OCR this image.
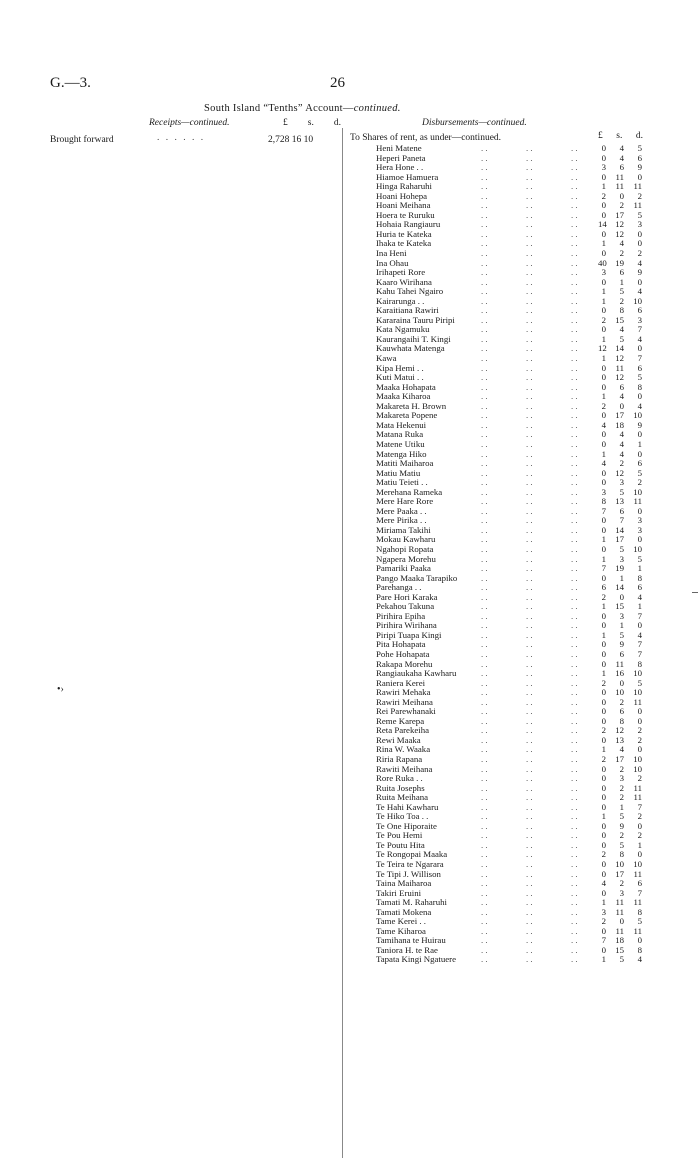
G.—3.	26
South Island “Tenths” Account—continued.
Receipts—continued.	£ s. d.	Disbursements—continued.
Brought forward	. . . . . .	2,728 16 10	To Shares of rent, as under—continued.	£ s. d.
Heni Matene	. .	. .	. .	0	4	5
Heperi Paneta	. .	. .	. .	0	4	6
Hera Hone . .	. .	. .	. .	3	6	9
Hiamoe Hamuera	. .	. .	. .	0	11	0
Hinga Raharuhi	. .	. .	. .	1	11	11
Hoani Hohepa	. .	. .	. .	2	0	2
Hoani Meihana	. .	. .	. .	0	2	11
Hoera te Ruruku	. .	. .	. .	0	17	5
Hohaia Rangiauru	. .	. .	. .	14 12	3
Huria te Kateka	. .	. .	. .	0	12	0
Ihaka te Kateka	. .	. .	. .	1	4	0
Ina Heni	. .	. .	. .	0	2	2
Ina Ohau	. .	. .	. .	40 19	4
Irihapeti Rore	. .	. .	. .	3	6	9
Kaaro Wirihana	. .	. .	. .	0	1	0
Kahu Tahei Ngairo	. .	. .	. .	1	5	4
Kairarunga . .	. .	. .	. .	1	2	10
Karaitiana Rawiri	. .	. .	. .	0	8	6
Kararaina Tauru Piripi	. .	. .	. .	2	15	3
Kata Ngamuku	. .	. .	. .	0	4	7
Kaurangaihi T. Kingi	. .	. .	. .	1	5	4
Kauwhata Matenga	. .	. .	. .	12 14	0
Kawa	. .	. .	. .	1	12	7
Kipa Hemi . .	. .	. .	. .	0	11	6
Kuti Matui . .	. .	. .	. .	0	12	5
Maaka Hohapata	. .	. .	. .	0	6	8
Maaka Kiharoa	. .	. .	. .	1	4	0
Makareta H. Brown	. .	. .	. .	2	0	4
Makareta Popene	. .	. .	. .	0	17	10
Mata Hekenui	. .	. .	. .	4	18	9
Matana Ruka	. .	. .	. .	0	4	0
Matene Utiku	. .	. .	. .	0	4	1
Matenga Hiko	. .	. .	. .	1	4	0
Matiti Maiharoa	. .	. .	. .	4	2	6
Matiu Matiu	. .	. .	. .	0	12	5
Matiu Teieti . .	. .	. .	. .	0	3	2
Merehana Rameka	. .	. .	. .	3	5	10
Mere Hare Rore	. .	. .	. .	8	13	11
Mere Paaka . .	. .	. .	. .	7	6	0
Mere Pirika . .	. .	. .	. .	0	7	3
Miriama Takihi	. .	. .	. .	0	14	3
Mokau Kawharu	. .	. .	. .	1	17	0
Ngahopi Ropata	. .	. .	. .	0	5	10
Ngapera Morehu	. .	. .	. .	1	3	5
Pamariki Paaka	. .	. .	. .	7	19	1
Pango Maaka Tarapiko	. .	. .	. .	0	1	8
Parehanga . .	. .	. .	. .	6	14	6
Pare Hori Karaka	. .	. .	. .	2	0	4
Pekahou Takuna	. .	. .	. .	1	15	1
Pirihira Epiha	. .	. .	. .	0	3	7
Pirihira Wirihana	. .	. .	. .	0	1	0
Piripi Tuapa Kingi	. .	. .	. .	1	5	4
Pita Hohapata	. .	. .	. .	0	9	7
Pohe Hohapata	. .	. .	. .	0	6	7
Rakapa Morehu	. .	. .	. .	0	11	8
Rangiaukaha Kawharu	. .	. .	. .	1	16	10
Raniera Kerei	. .	. .	. .	2	0	5
Rawiri Mehaka	. .	. .	. .	0	10	10
Rawiri Meihana	. .	. .	. .	0	2	11
Rei Parewhanaki	. .	. .	. .	0	6	0
Reme Karepa	. .	. .	. .	0	8	0
Reta Parekeiha	. .	. .	. .	2	12	2
Rewi Maaka	. .	. .	. .	0	13	2
Rina W. Waaka	. .	. .	. .	1	4	0
Riria Rapana	. .	. .	. .	2	17	10
Rawiti Meihana	. .	. .	. .	0	2	10
Rore Ruka . .	. .	. .	. .	0	3	2
Ruita Josephs	. .	. .	. .	0	2	11
Ruita Meihana	. .	. .	. .	0	2	11
Te Hahi Kawharu	. .	. .	. .	0	1	7
Te Hiko Toa . .	. .	. .	. .	1	5	2
Te One Hiporaite	. .	. .	. .	0	9	0
Te Pou Hemi	. .	. .	. .	0	2	2
Te Poutu Hita	. .	. .	. .	0	5	1
Te Rongopai Maaka	. .	. .	. .	2	8	0
Te Teira te Ngarara	. .	. .	. .	0	10	10
Te Tipi J. Willison	. .	. .	. .	0	17	11
Taina Maiharoa	. .	. .	. .	4	2	6
Takiri Eruini	. .	. .	. .	0	3	7
Tamati M. Raharuhi	. .	. .	. .	1	11	11
Tamati Mokena	. .	. .	. .	3	11	8
Tame Kerei . .	. .	. .	. .	2	0	5
Tame Kiharoa	. .	. .	. .	0	11	11
Tamihana te Huirau	. .	. .	. .	7	18	0
Taniora H. te Rae	. .	. .	. .	0	15	8
Tapata Kingi Ngatuere	. .	. .	. .	1	5	4
•›
